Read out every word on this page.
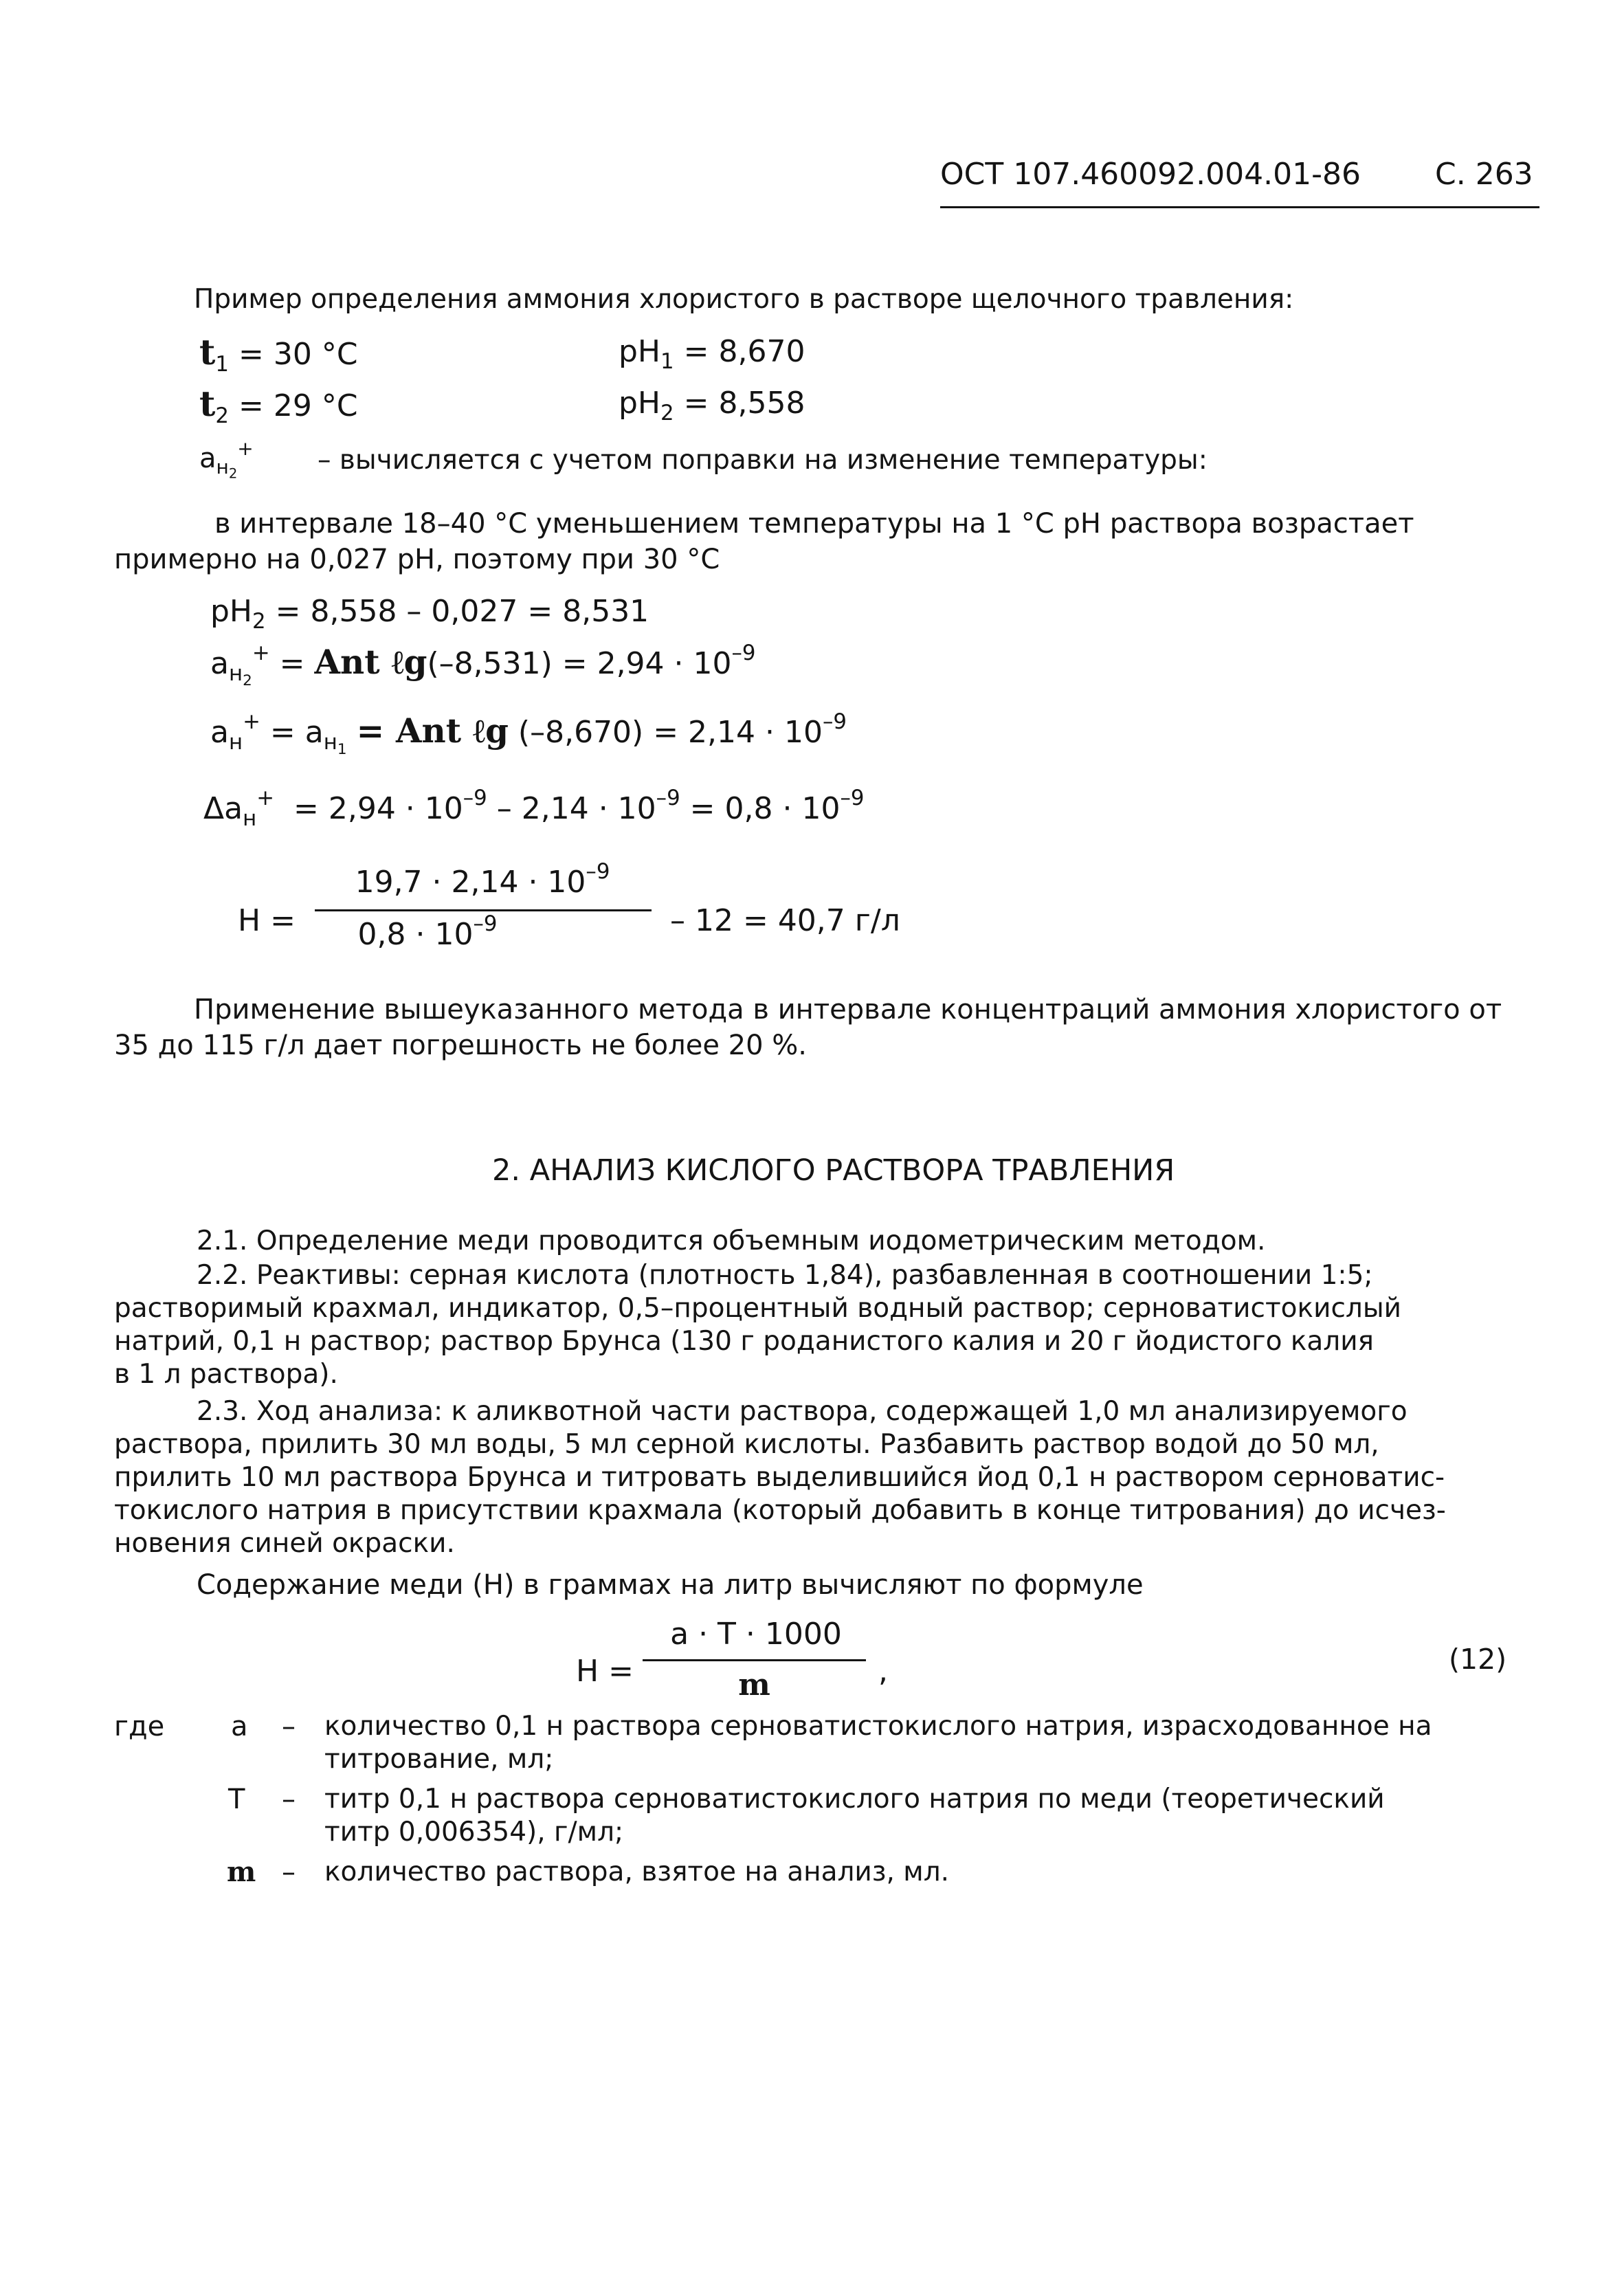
ОСТ 107.460092.004.01-86 С. 263
Пример определения аммония хлористого в растворе щелочного травления:
$t_1 = 30$ °C	$pH_1 = 8,670$
$t_2 = 29$ °C	$pH_2 = 8,558$
$a_{н_2}^+$ – вычисляется с учетом поправки на изменение температуры:
в интервале 18–40 °C уменьшением температуры на 1 °C pH раствора возрастает
примерно на 0,027 pH, поэтому при 30 °C
$pH_2 = 8,558 - 0,027 = 8,531$
$a_{н_2}^+$ = Ant ℓg(–8,531) = $2,94 \cdot 10^{-9}$
$a_н^+ = a_{н_1}$ = Ant ℓg $(-8,670) = 2,14 \cdot 10^{-9}$
$\Delta a_н^+ = 2,94 \cdot 10^{-9} - 2,14 \cdot 10^{-9} = 0,8 \cdot 10^{-9}$
Н =
$19,7 \cdot 2,14 \cdot 10^{-9}$
$0,8 \cdot 10^{-9}$	– 12 = 40,7 г/л
Применение вышеуказанного метода в интервале концентраций аммония хлористого от
35 до 115 г/л дает погрешность не более 20 %.
2. АНАЛИЗ КИСЛОГО РАСТВОРА ТРАВЛЕНИЯ
2.1. Определение меди проводится объемным иодометрическим методом.
2.2. Реактивы: серная кислота (плотность 1,84), разбавленная в соотношении 1:5;
растворимый крахмал, индикатор, 0,5–процентный водный раствор; серноватистокислый
натрий, 0,1 н раствор; раствор Брунса (130 г роданистого калия и 20 г йодистого калия
в 1 л раствора).
2.3. Ход анализа: к аликвотной части раствора, содержащей 1,0 мл анализируемого
раствора, прилить 30 мл воды, 5 мл серной кислоты. Разбавить раствор водой до 50 мл,
прилить 10 мл раствора Брунса и титровать выделившийся йод 0,1 н раствором серноватис-
токислого натрия в присутствии крахмала (который добавить в конце титрования) до исчез-
новения синей окраски.
Содержание меди (Н) в граммах на литр вычисляют по формуле
Н =
a · T · 1000
m	,	(12)
где a – количество 0,1 н раствора серноватистокислого натрия, израсходованное на
титрование, мл;
T – титр 0,1 н раствора серноватистокислого натрия по меди (теоретический
титр 0,006354), г/мл;
m – количество раствора, взятое на анализ, мл.
